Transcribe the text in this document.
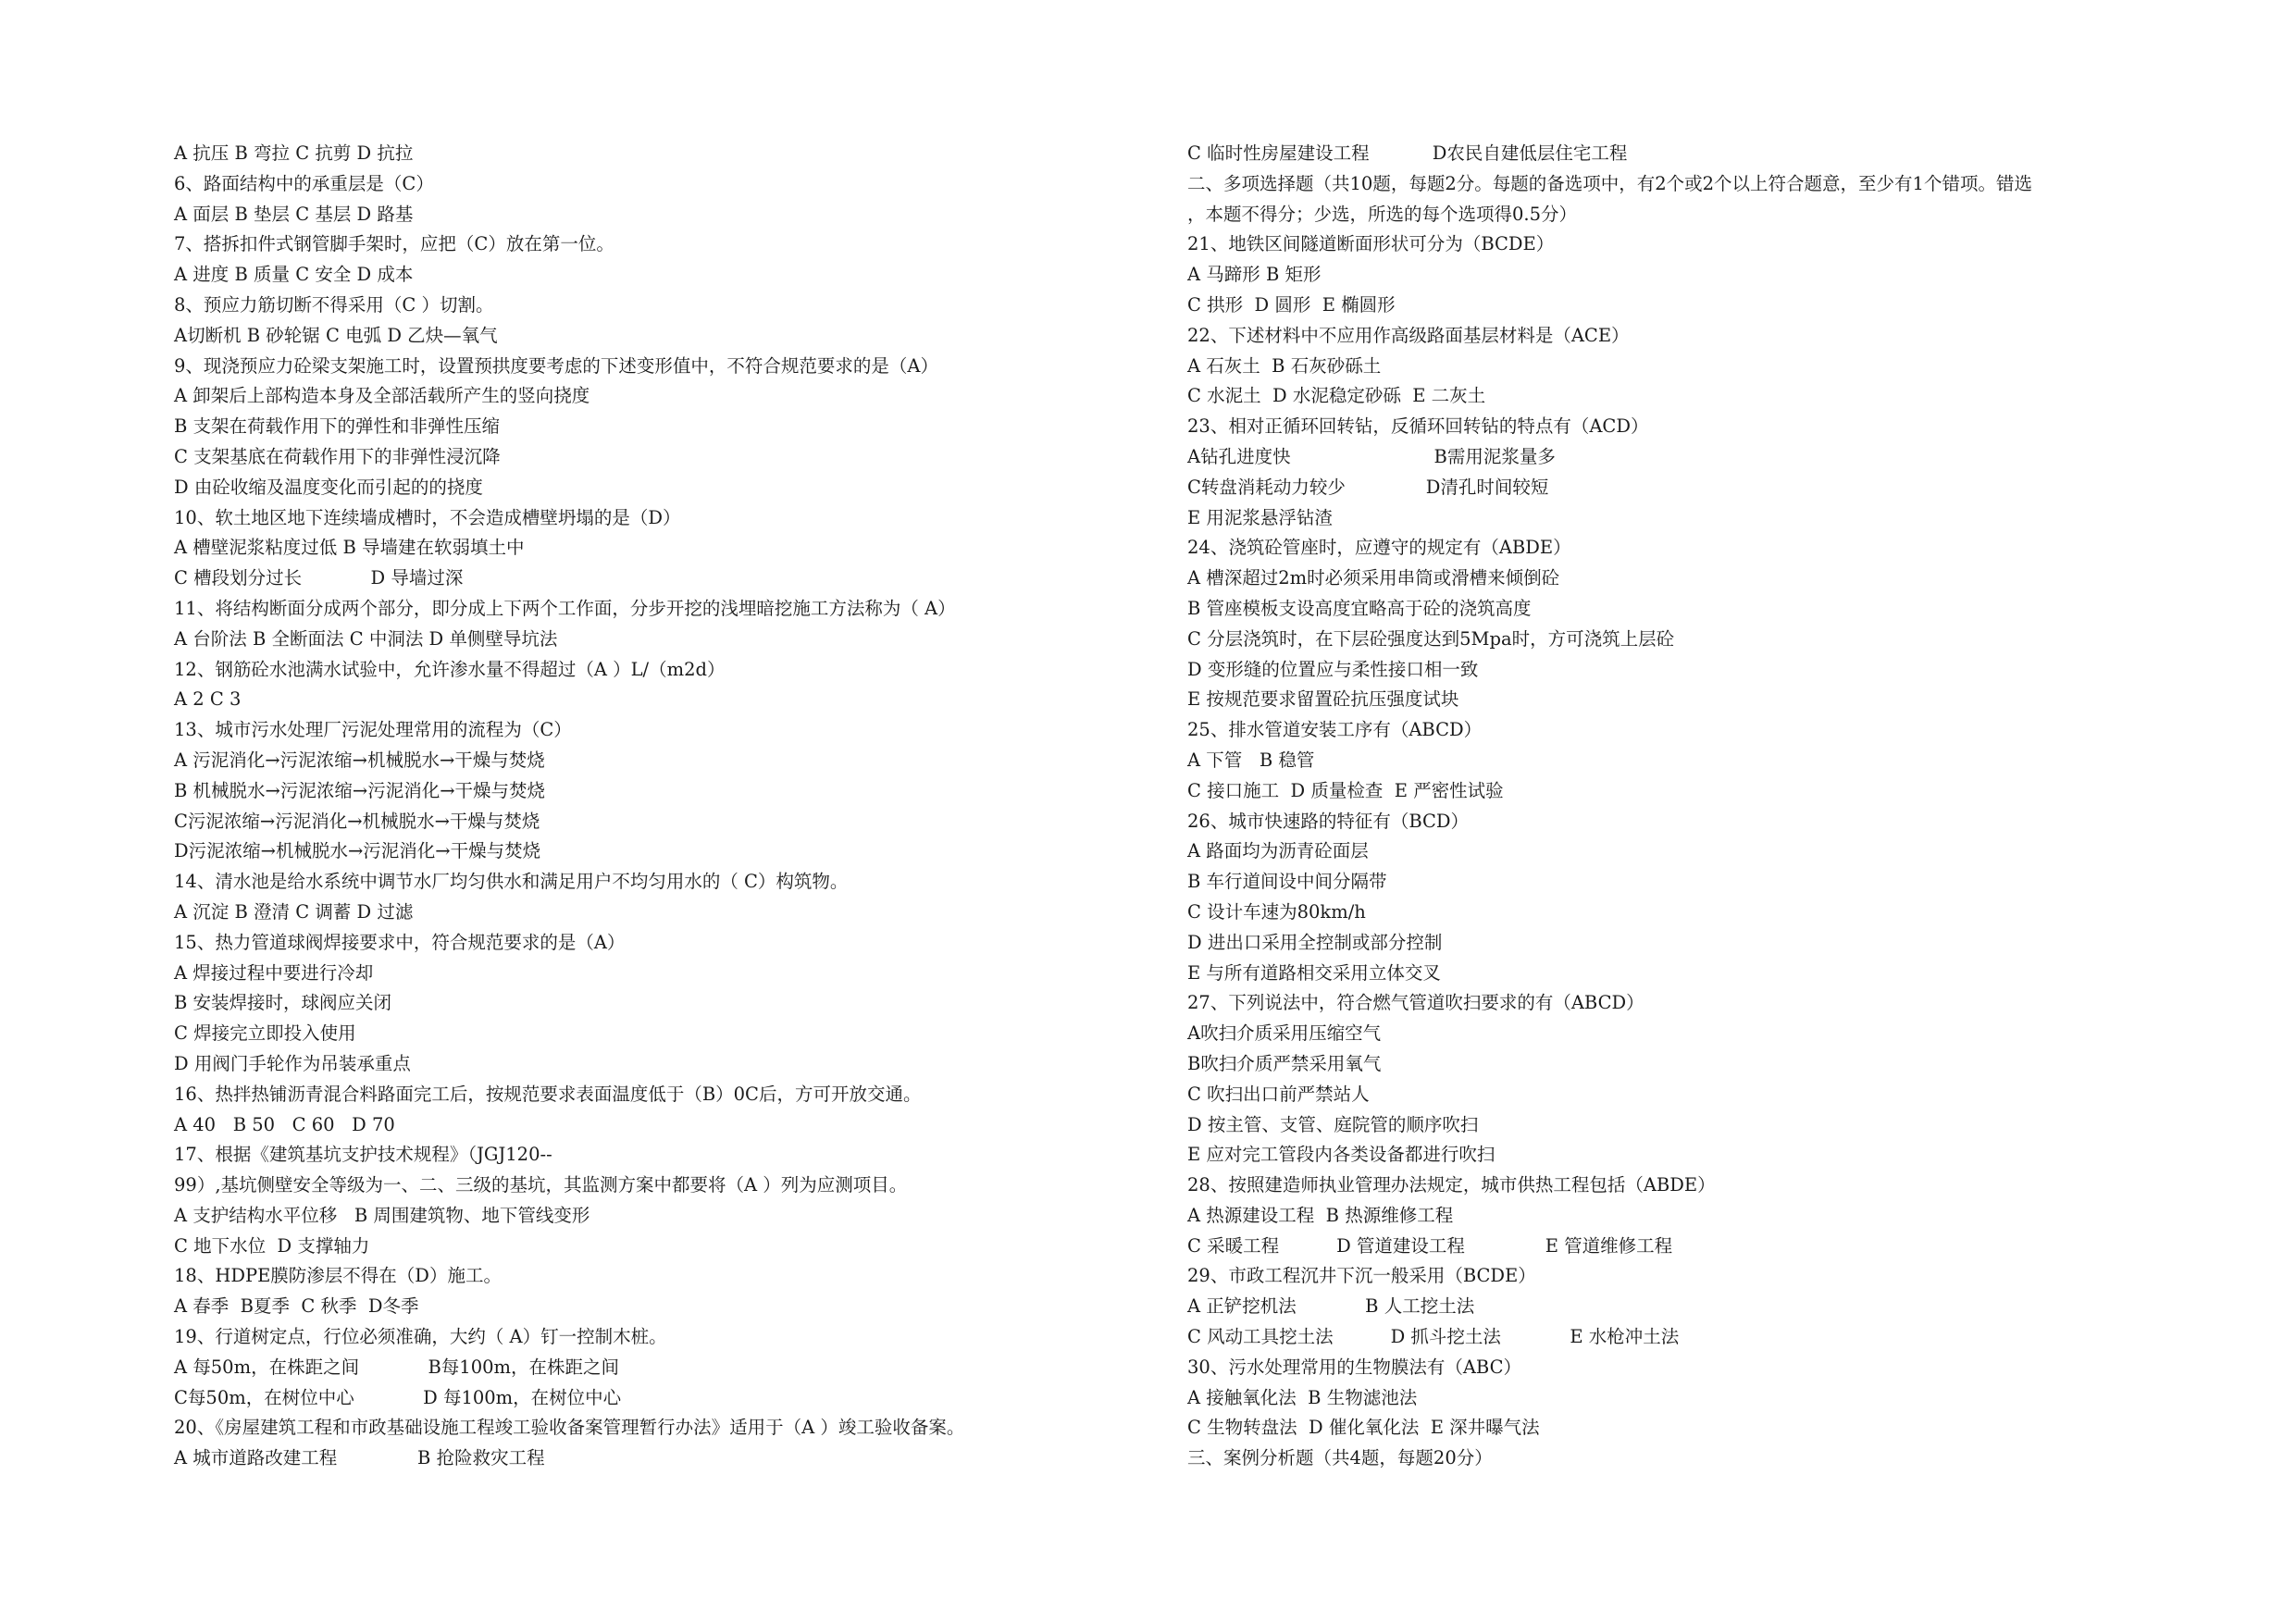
A 抗压 B 弯拉 C 抗剪 D 抗拉
6、路面结构中的承重层是（C）
A 面层 B 垫层 C 基层 D 路基
7、搭拆扣件式钢管脚手架时，应把（C）放在第一位。
A 进度 B 质量 C 安全 D 成本
8、预应力筋切断不得采用（C ）切割。
A切断机 B 砂轮锯 C 电弧 D 乙炔—氧气
9、现浇预应力砼梁支架施工时，设置预拱度要考虑的下述变形值中，不符合规范要求的是（A）
A 卸架后上部构造本身及全部活载所产生的竖向挠度
B 支架在荷载作用下的弹性和非弹性压缩
C 支架基底在荷载作用下的非弹性浸沉降
D 由砼收缩及温度变化而引起的的挠度
10、软土地区地下连续墙成槽时，不会造成槽壁坍塌的是（D）
A 槽壁泥浆粘度过低 B 导墙建在软弱填土中
C 槽段划分过长            D 导墙过深
11、将结构断面分成两个部分，即分成上下两个工作面，分步开挖的浅埋暗挖施工方法称为（ A）
A 台阶法 B 全断面法 C 中洞法 D 单侧壁导坑法
12、钢筋砼水池满水试验中，允许渗水量不得超过（A ）L/（m2d）
A 2 C 3
13、城市污水处理厂污泥处理常用的流程为（C）
A 污泥消化→污泥浓缩→机械脱水→干燥与焚烧
B 机械脱水→污泥浓缩→污泥消化→干燥与焚烧
C污泥浓缩→污泥消化→机械脱水→干燥与焚烧
D污泥浓缩→机械脱水→污泥消化→干燥与焚烧
14、清水池是给水系统中调节水厂均匀供水和满足用户不均匀用水的（ C）构筑物。
A 沉淀 B 澄清 C 调蓄 D 过滤
15、热力管道球阀焊接要求中，符合规范要求的是（A）
A 焊接过程中要进行冷却
B 安装焊接时，球阀应关闭
C 焊接完立即投入使用
D 用阀门手轮作为吊装承重点
16、热拌热铺沥青混合料路面完工后，按规范要求表面温度低于（B）0C后，方可开放交通。
A 40   B 50   C 60   D 70
17、根据《建筑基坑支护技术规程》（JGJ120--
99）,基坑侧壁安全等级为一、二、三级的基坑，其监测方案中都要将（A ）列为应测项目。
A 支护结构水平位移   B 周围建筑物、地下管线变形
C 地下水位  D 支撑轴力
18、HDPE膜防渗层不得在（D）施工。
A 春季  B夏季  C 秋季  D冬季
19、行道树定点，行位必须准确，大约（ A）钉一控制木桩。
A 每50m，在株距之间            B每100m，在株距之间
C每50m，在树位中心            D 每100m，在树位中心
20、《房屋建筑工程和市政基础设施工程竣工验收备案管理暂行办法》适用于（A ）竣工验收备案。
A 城市道路改建工程              B 抢险救灾工程
C 临时性房屋建设工程           D农民自建低层住宅工程
二、多项选择题（共10题，每题2分。每题的备选项中，有2个或2个以上符合题意，至少有1个错项。错选
，本题不得分；少选，所选的每个选项得0.5分）
21、地铁区间隧道断面形状可分为（BCDE）
A 马蹄形 B 矩形
C 拱形  D 圆形  E 椭圆形
22、下述材料中不应用作高级路面基层材料是（ACE）
A 石灰土  B 石灰砂砾土
C 水泥土  D 水泥稳定砂砾  E 二灰土
23、相对正循环回转钻，反循环回转钻的特点有（ACD）
A钻孔进度快                         B需用泥浆量多
C转盘消耗动力较少              D清孔时间较短
E 用泥浆悬浮钻渣
24、浇筑砼管座时，应遵守的规定有（ABDE）
A 槽深超过2m时必须采用串筒或滑槽来倾倒砼
B 管座模板支设高度宜略高于砼的浇筑高度
C 分层浇筑时，在下层砼强度达到5Mpa时，方可浇筑上层砼
D 变形缝的位置应与柔性接口相一致
E 按规范要求留置砼抗压强度试块
25、排水管道安装工序有（ABCD）
A 下管   B 稳管
C 接口施工  D 质量检查  E 严密性试验
26、城市快速路的特征有（BCD）
A 路面均为沥青砼面层
B 车行道间设中间分隔带
C 设计车速为80km/h
D 进出口采用全控制或部分控制
E 与所有道路相交采用立体交叉
27、下列说法中，符合燃气管道吹扫要求的有（ABCD）
A吹扫介质采用压缩空气
B吹扫介质严禁采用氧气
C 吹扫出口前严禁站人
D 按主管、支管、庭院管的顺序吹扫
E 应对完工管段内各类设备都进行吹扫
28、按照建造师执业管理办法规定，城市供热工程包括（ABDE）
A 热源建设工程  B 热源维修工程
C 采暖工程          D 管道建设工程              E 管道维修工程
29、市政工程沉井下沉一般采用（BCDE）
A 正铲挖机法            B 人工挖土法
C 风动工具挖土法          D 抓斗挖土法            E 水枪冲土法
30、污水处理常用的生物膜法有（ABC）
A 接触氧化法  B 生物滤池法
C 生物转盘法  D 催化氧化法  E 深井曝气法
三、案例分析题（共4题，每题20分）
